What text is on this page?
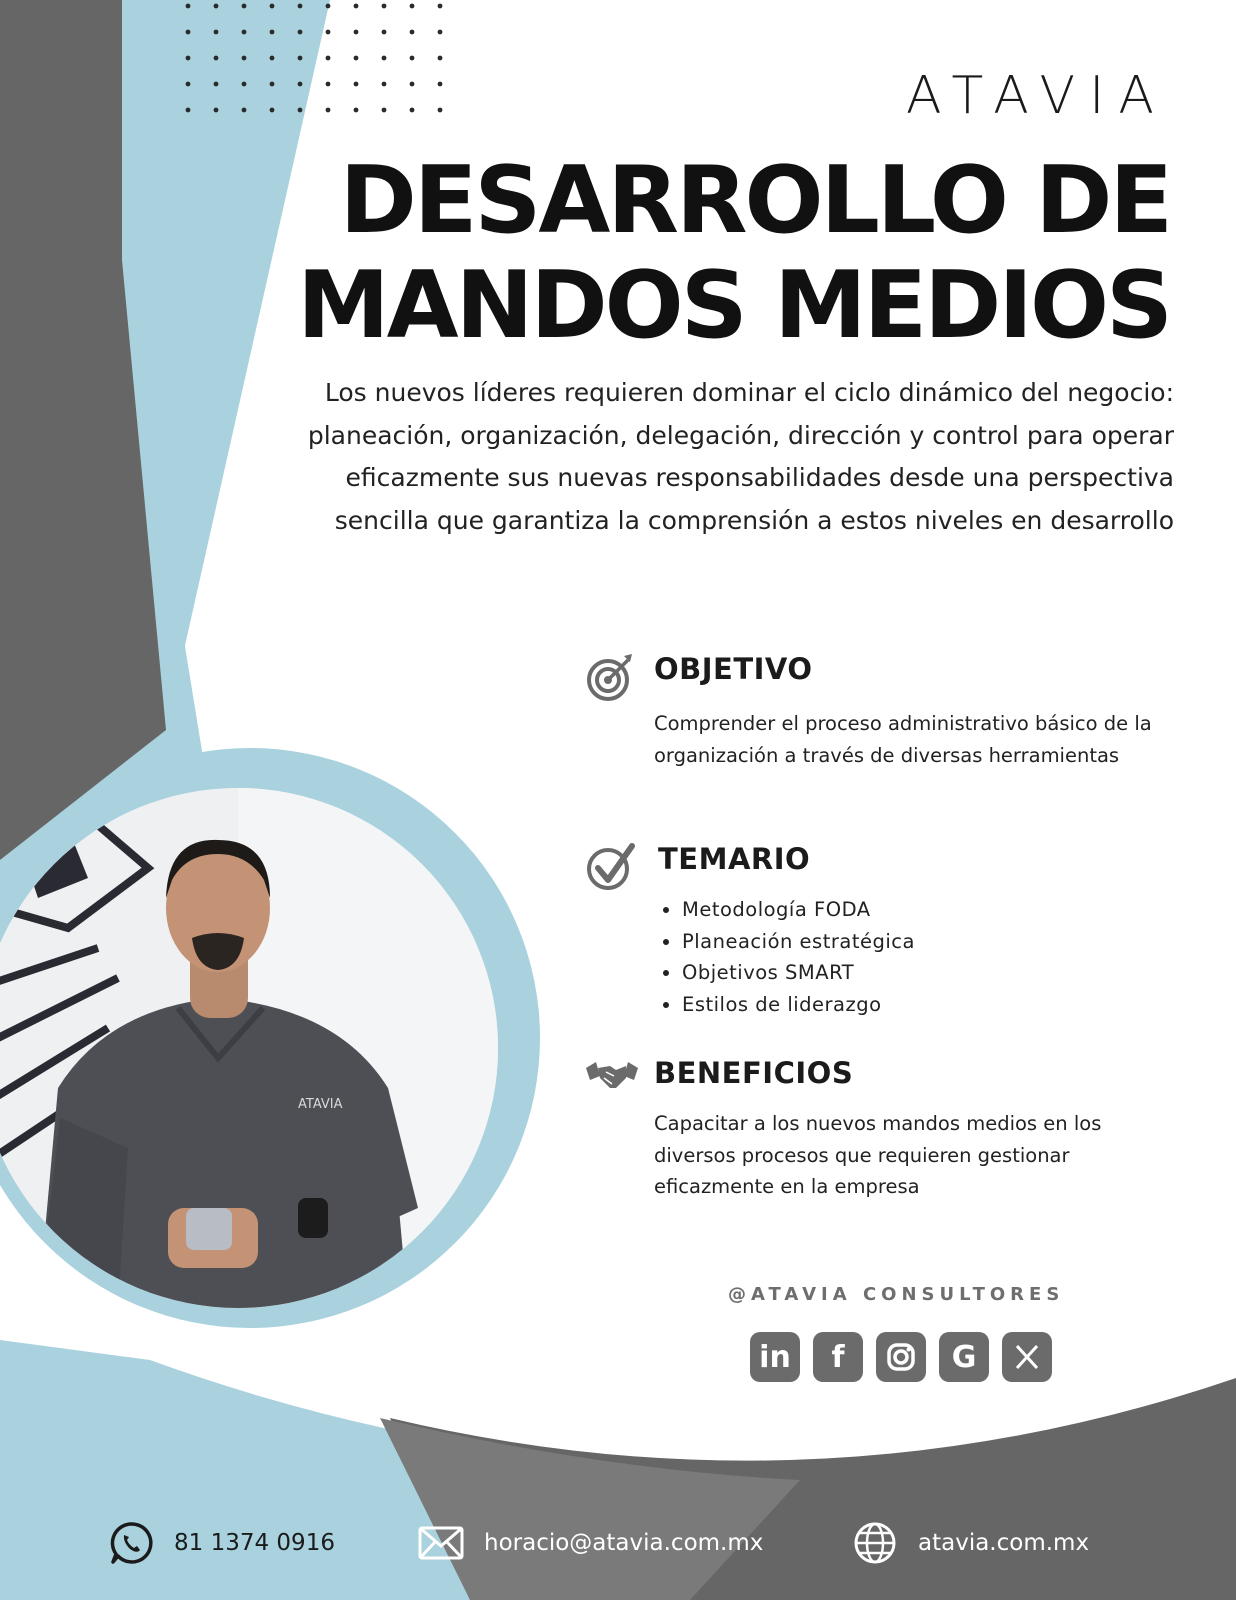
ATAVIA
DESARROLLO DE
MANDOS MEDIOS

Los nuevos líderes requieren dominar el ciclo dinámico del negocio: planeación, organización, delegación, dirección y control para operar eficazmente sus nuevas responsabilidades desde una perspectiva sencilla que garantiza la comprensión a estos niveles en desarrollo

OBJETIVO

Comprender el proceso administrativo básico de la organización a través de diversas herramientas

TEMARIO
• Metodología FODA
• Planeación estratégica
• Objetivos SMART
• Estilos de liderazgo
BENEFICIOS

Capacitar a los nuevos mandos medios en los diversos procesos que requieren gestionar eficazmente en la empresa

@ATAVIA CONSULTORES
in	f	G
ATAVIA
81 1374 0916	horacio@atavia.com.mx	atavia.com.mx
